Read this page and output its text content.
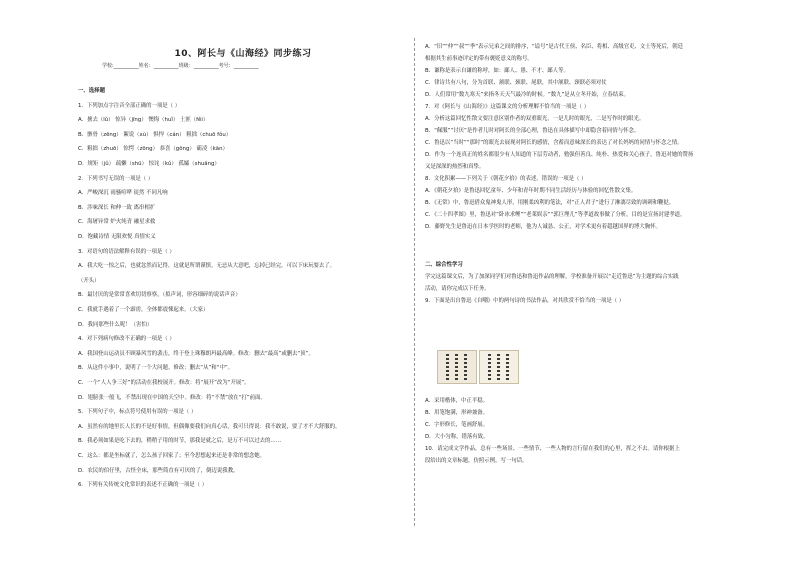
10、阿长与《山海经》同步练习
学校:__________姓名：__________班级：__________考号：__________
一、选择题
1．下列加点字注音全部正确的一项是（ ）
A．掳去（lǔ） 惊异（jīng） 懊悔（huǐ） 土匪（fěi）
B．骸骨（zēng） 絮说（xù） 惧悍（cán） 粗拙（chuō fǒu）
C．粗拙（zhuō） 惊愕（zōng） 恭喜（gōng） 霸凌（kān）
D．规矩（jǔ） 疏懒（shū） 惊诧（kǔ） 孤孀（shuāng）
2．下列书写无误的一项是（ ）
A．严峻深沉 雨骚喧哗 徒然 不同凡响
B．涉味深长 和伸一致 离串相扩
C．海屠异常 炉火纯青 融星求救
D．饱藏诗情 无限欢悦 真情实义
3．对语句的语法解释有误的一项是（ ）
A．我大吃一惊之后，也就忿然而记得，这就是所谓谨慎，无忌从大意吧，忘掉已经完，可以下床玩耍去了。
（开头）
B．最讨厌的是常常喜欢切切察察，（拟声词，形容细碎的说话声音）
C．我就手遇着了一个霹雳，全体都震悚起来。（大家）
D．我同那些什么呢！（害怕）
4．对下列病句修改不正确的一项是（ ）
A．我国登山运动员不顾暴风雪的袭击，终于登上珠穆朗玛最高峰。修改：删去“最高”或删去“顶”。
B．从这件小事中，说明了一个大问题。修改：删去“从”和“中”。
C．一个“人人争三好”的活动在我校展开。修改：将“展开”改为“开展”。
D．翅膀张一般飞，不禁出现在中国的天空中。修改：将“不禁”放在“打”前面。
5．下列句子中，标点符号使用有误的一项是（ ）
A．虽然有的地里长人长的不是好事情，但偶像要我们向真心话，我可只得说：我不敢说，要了才不大舒服的。
B．我必须如果是吃下去的，稍稍子用的时节，那我是就之后，是万不可以过去的……
C．这么：都是坐标就了，怎么孩子回家了；至今思想起来还是非常的想念她。
D．农民的伯仔里，古怪全床，那些简直有可厌的了，倒迈说我教。
6．下列有关传统文化常识的表述不正确的一项是（ ）
A．“旧”“仲”“叔”“季”表示兄弟之间的排序，“谥号”是古代王侯、名臣、将相、高级官吏、文士等死后，朝廷
根据其生前事迹评定的带有褒贬意义的称号。
B．谦称是表示自谦的称呼，如：鄙人、愚、不才、鄙人等。
C．律诗共有八句，分为首联、颔联、颈联、尾联，其中颔联、颈联必须对仗
D．人们常用“数九寒天”来指冬天天气最冷的时候。“数九”是从立冬开始，立春结束。
7．对《阿长与《山海经》》这篇课文的分析理解不恰当的一项是（ ）
A．分析这篇回忆性散文要注意区别作者的双重眼光，一是儿时的眼光，二是写作时的眼光。
B．“佩服”“讨厌”是作者儿时对阿长的全部心理，鲁迅在具体描写中却隐含着同情与怀念。
C．鲁迅以“当时”“那时”的眼光去展现对阿长的感情，含蓄而意味深长的表达了对长妈妈的同情与怀念之情。
D．作为一个连真正的姓名都很少有人知道的下层劳动者，勉强但善良、纯朴、热爱和关心孩子，鲁迅对她的赞扬
又是深深的热烈和真挚。
8．文化积累——下列关于《朝花夕拾》的表述，错误的一项是（ ）
A．《朝花夕拾》是鲁迅回忆童年、少年和青年时期不同生活经历与体验的回忆性散文集。
B．《无常》中，鲁迅借众鬼神鬼人形，用刚柔凶利的笔法，对“正人君子”进行了淋漓尽致的讽刺和鞭挞。
C．《二十四孝图》里，鲁迅对“卧冰求鲤”“老莱娱亲”“郭巨埋儿”等孝道故事做了分析，目的是宣扬封建孝道。
D．藤野先生是鲁迅在日本学医时的老师，他为人诚恳、公正，对学术更有着超越国界的博大胸怀。
二、综合性学习
学完这篇课文后，为了加深同学们对鲁迅和鲁迅作品的理解，学校准备开展以“走近鲁迅”为主题的综合实践
活动，请你完成以下任务。
9．下面是出自鲁迅《自嘲》中的两句诗的书法作品，对其欣赏不恰当的一项是（ ）
A．采用楷体，中正平稳。
B．用笔饱满，形神兼备。
C．字形修长，笔画舒展。
D．大小匀称，错落有致。
10．请完成文学作品，总有一些场景、一些情节、一些人物的言行留在我们的心里，挥之不去。请你根据上
段给出的文章标题，仿照示例，写一句话。
